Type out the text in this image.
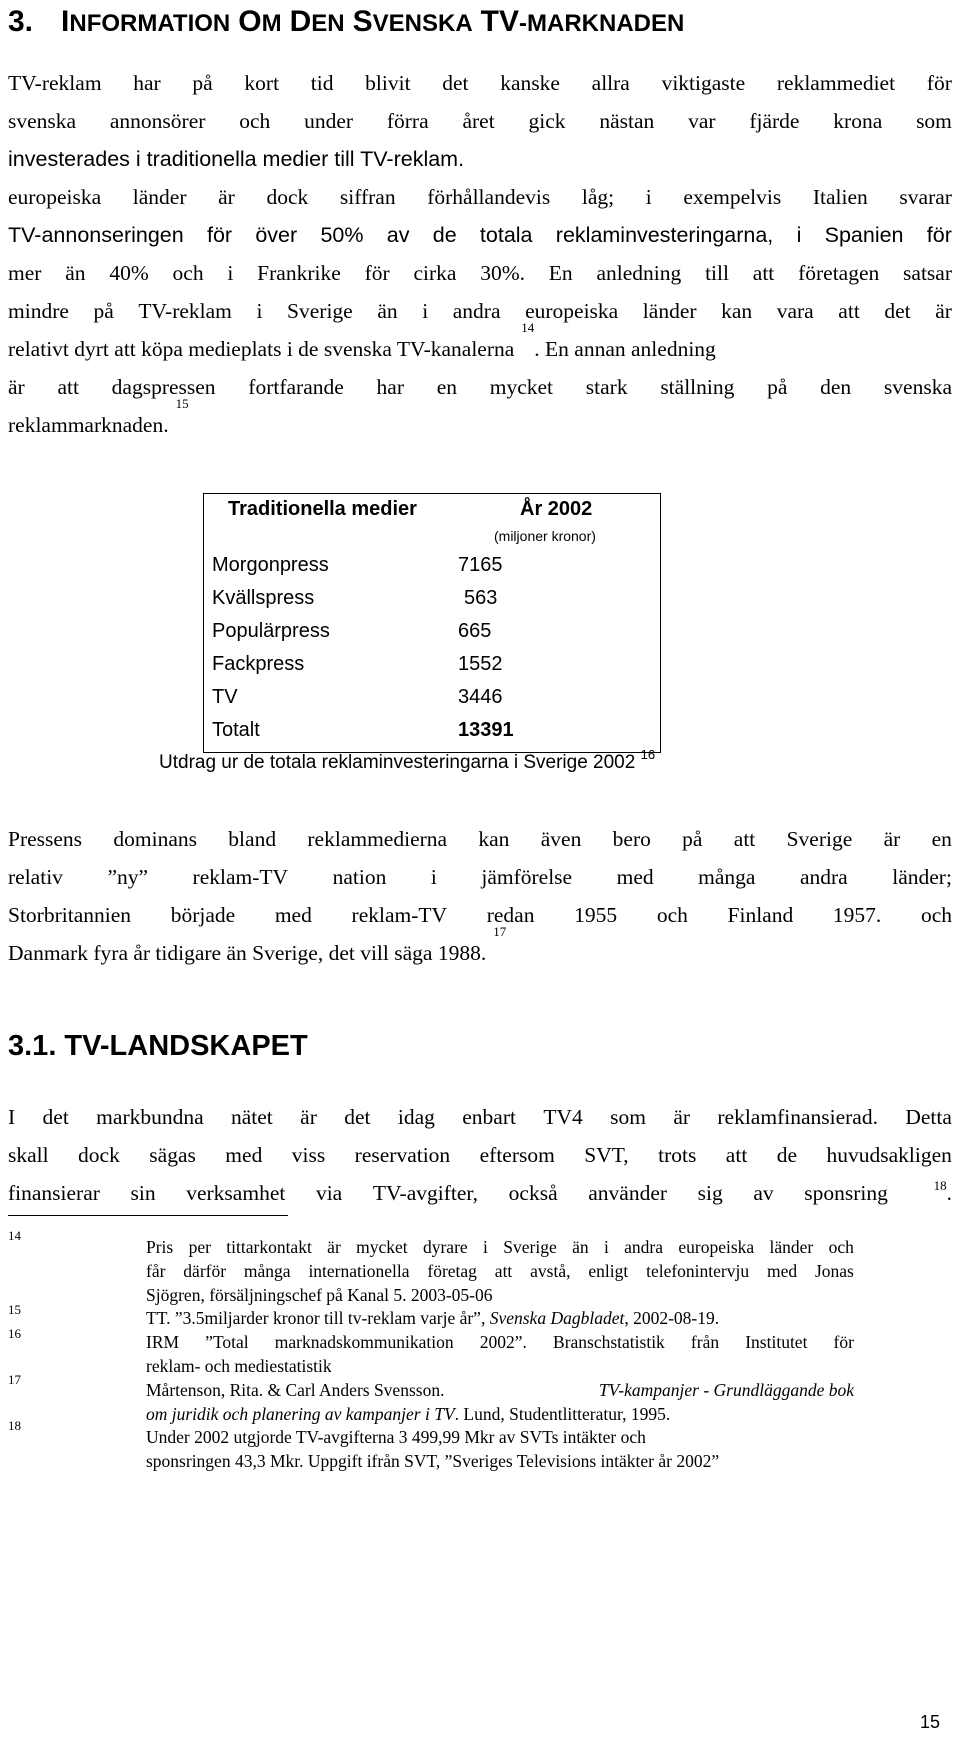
3. INFORMATION OM DEN SVENSKA TV-MARKNADEN
TV-reklam har på kort tid blivit det kanske allra viktigaste reklammediet för
svenska annonsörer och under förra året gick nästan var fjärde krona som
investerades i traditionella medier till TV-reklam.
europeiska länder är dock siffran förhållandevis låg; i exempelvis Italien svarar
TV-annonseringen för över 50% av de totala reklaminvesteringarna, i Spanien för
mer än 40% och i Frankrike för cirka 30%. En anledning till att företagen satsar
mindre på TV-reklam i Sverige än i andra europeiska länder kan vara att det är
relativt dyrt att köpa medieplats i de svenska TV-kanalerna
$^{14}$
. En annan anledning
är att dagspressen fortfarande har en mycket stark ställning på den svenska
reklammarknaden.
$^{15}$
Traditionella medier	År 2002
(miljoner kronor)
Morgonpress	7165
Kvällspress	563
Populärpress	665
Fackpress	1552
TV	3446
Totalt	13391
Utdrag ur de totala reklaminvesteringarna i Sverige 2002 $^{16}$
Pressens dominans bland reklammedierna kan även bero på att Sverige är en
relativ ”ny” reklam-TV nation i jämförelse med många andra länder;
Storbritannien började med reklam-TV redan 1955 och Finland 1957. och
Danmark fyra år tidigare än Sverige, det vill säga 1988.
$^{17}$
3.1. TV-LANDSKAPET
I det markbundna nätet är det idag enbart TV4 som är reklamfinansierad. Detta
skall dock sägas med viss reservation eftersom SVT, trots att de huvudsakligen
finansierar sin verksamhet via TV-avgifter, också använder sig av sponsring	$^{18}$.
14
15
16
17
18
Pris per tittarkontakt är mycket dyrare i Sverige än i andra europeiska länder och
får därför många internationella företag att avstå, enligt telefonintervju med Jonas
Sjögren, försäljningschef på Kanal 5. 2003-05-06
TT. ”3.5miljarder kronor till tv-reklam varje år”, Svenska Dagbladet , 2002-08-19.
IRM ”Total marknadskommunikation 2002”. Branschstatistik från Institutet för
reklam- och mediestatistik
Mårtenson, Rita. & Carl Anders Svensson.	TV-kampanjer - Grundläggande bok
om juridik och planering av kampanjer i TV . Lund, Studentlitteratur, 1995.
Under 2002 utgjorde TV-avgifterna 3 499,99 Mkr av SVTs intäkter och
sponsringen 43,3 Mkr. Uppgift ifrån SVT, ”Sveriges Televisions intäkter år 2002”
15
